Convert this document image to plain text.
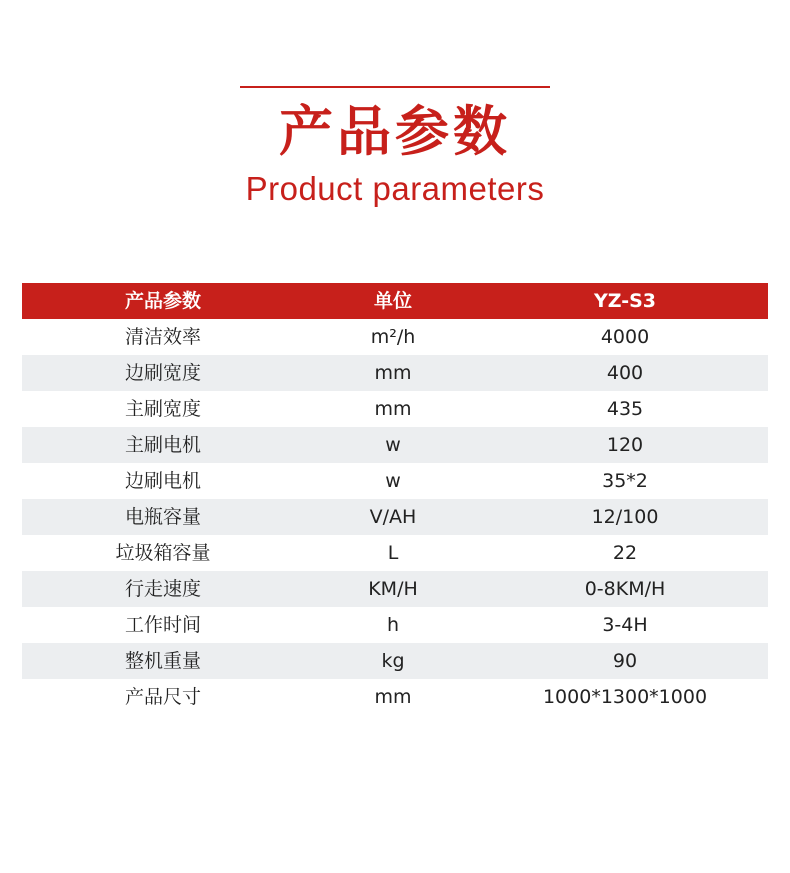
产品参数
Product parameters
产品参数	单位	YZ-S3
清洁效率	m²/h	4000
边刷宽度	mm	400
主刷宽度	mm	435
主刷电机	w	120
边刷电机	w	35*2
电瓶容量	V/AH	12/100
垃圾箱容量	L	22
行走速度	KM/H	0-8KM/H
工作时间	h	3-4H
整机重量	kg	90
产品尺寸	mm	1000*1300*1000
